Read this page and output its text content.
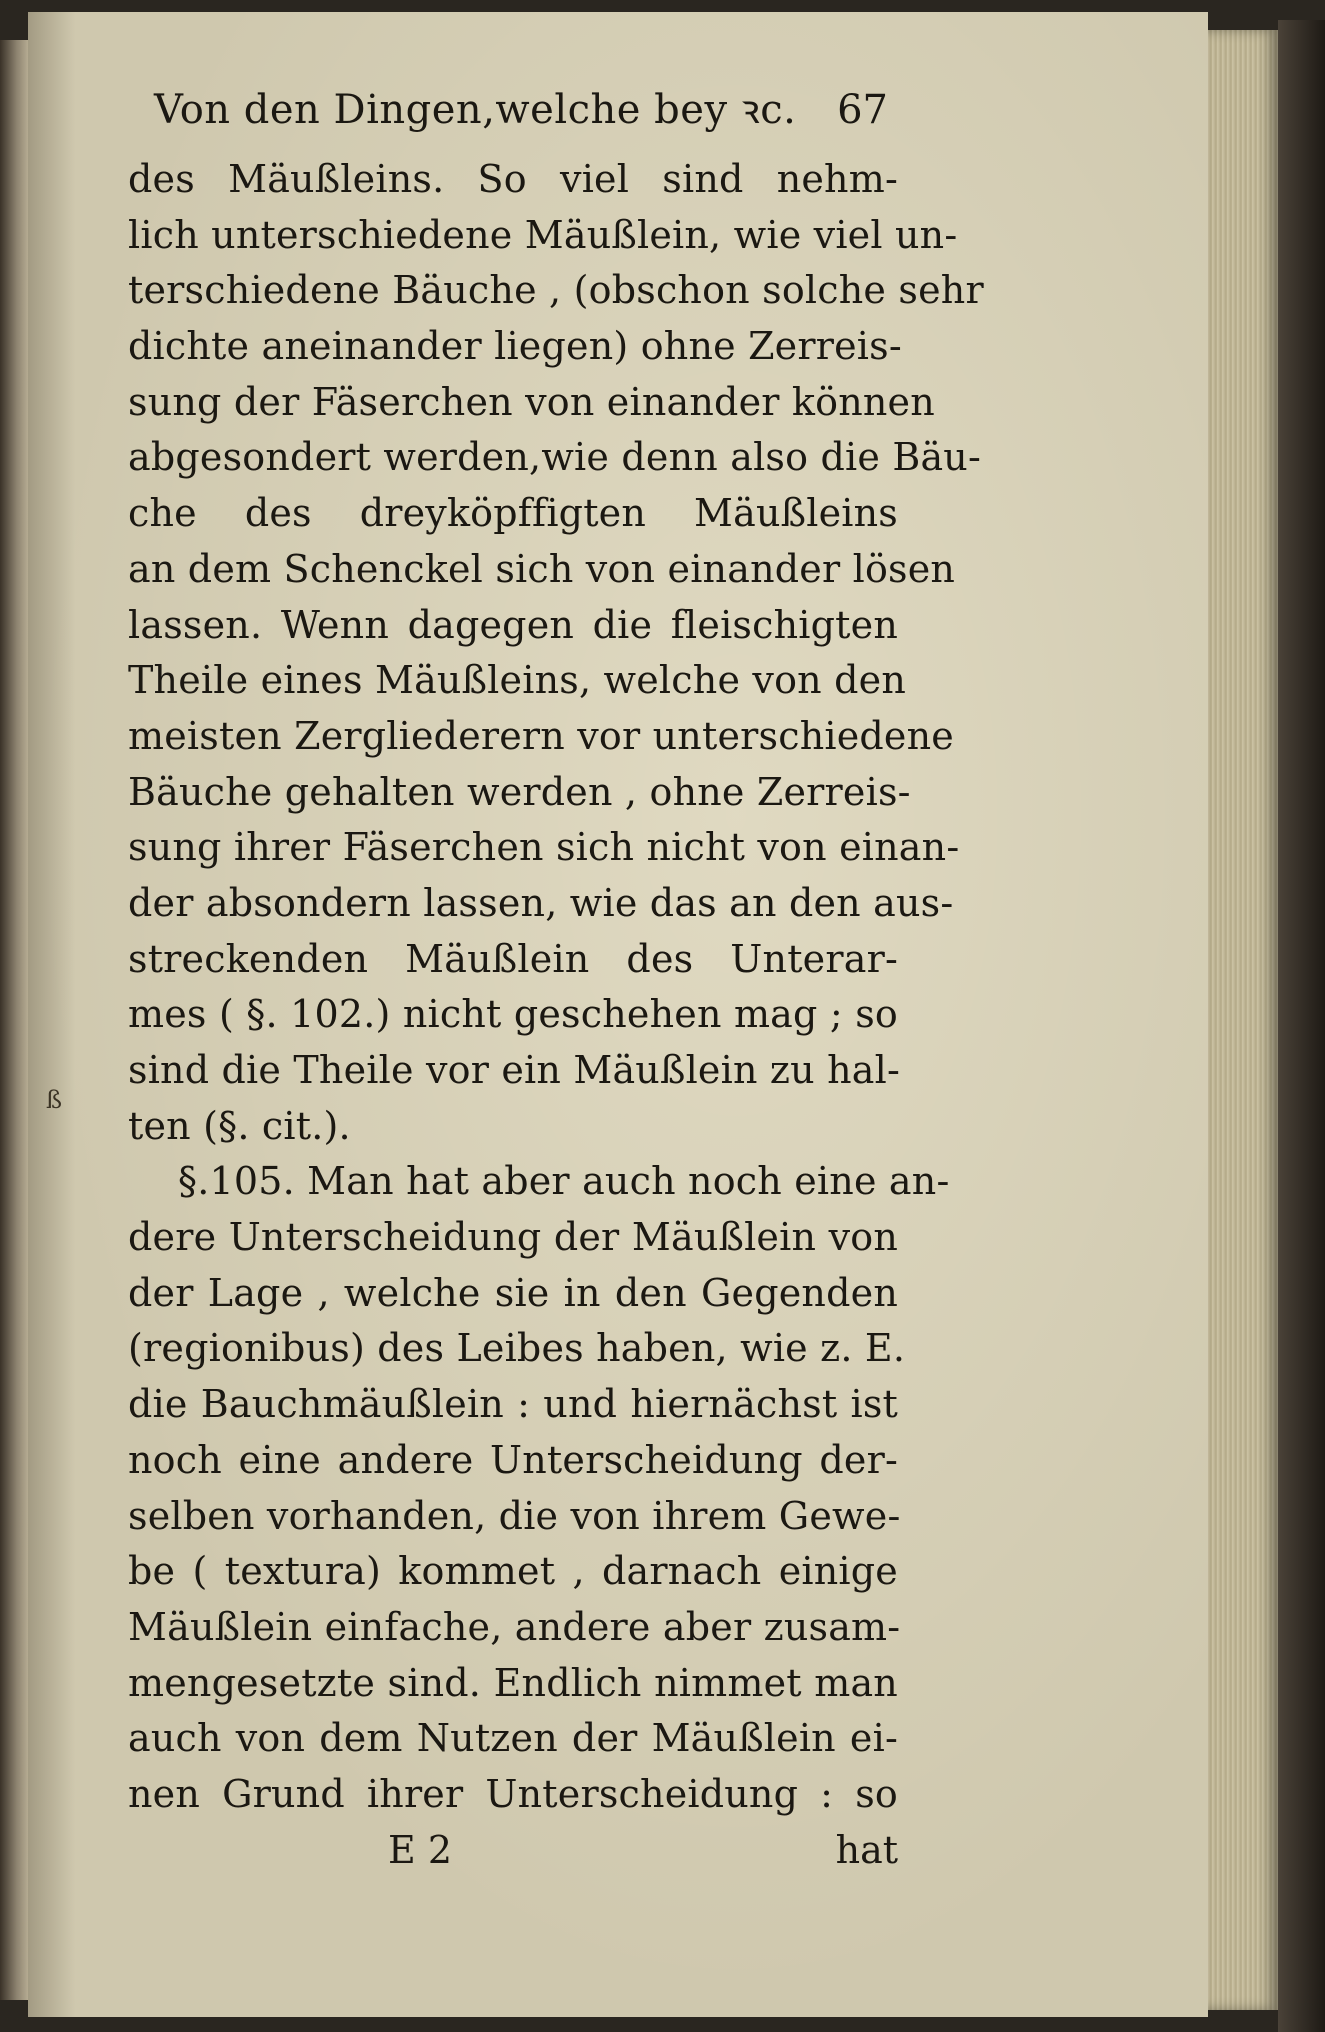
ß
Von den Dingen,welche bey ꝛc. 67
des Mäußleins. So viel sind nehm-
lich unterschiedene Mäußlein, wie viel un-
terschiedene Bäuche , (obschon solche sehr
dichte aneinander liegen) ohne Zerreis-
sung der Fäserchen von einander können
abgesondert werden,wie denn also die Bäu-
che des dreyköpffigten Mäußleins
an dem Schenckel sich von einander lösen
lassen. Wenn dagegen die fleischigten
Theile eines Mäußleins, welche von den
meisten Zergliederern vor unterschiedene
Bäuche gehalten werden , ohne Zerreis-
sung ihrer Fäserchen sich nicht von einan-
der absondern lassen, wie das an den aus-
streckenden Mäußlein des Unterar-
mes ( §. 102.) nicht geschehen mag ; so
sind die Theile vor ein Mäußlein zu hal-
ten (§. cit.).
§.105. Man hat aber auch noch eine an-
dere Unterscheidung der Mäußlein von
der Lage , welche sie in den Gegenden
(regionibus) des Leibes haben, wie z. E.
die Bauchmäußlein : und hiernächst ist
noch eine andere Unterscheidung der-
selben vorhanden, die von ihrem Gewe-
be ( textura) kommet , darnach einige
Mäußlein einfache, andere aber zusam-
mengesetzte sind. Endlich nimmet man
auch von dem Nutzen der Mäußlein ei-
nen Grund ihrer Unterscheidung : so
E 2	hat
